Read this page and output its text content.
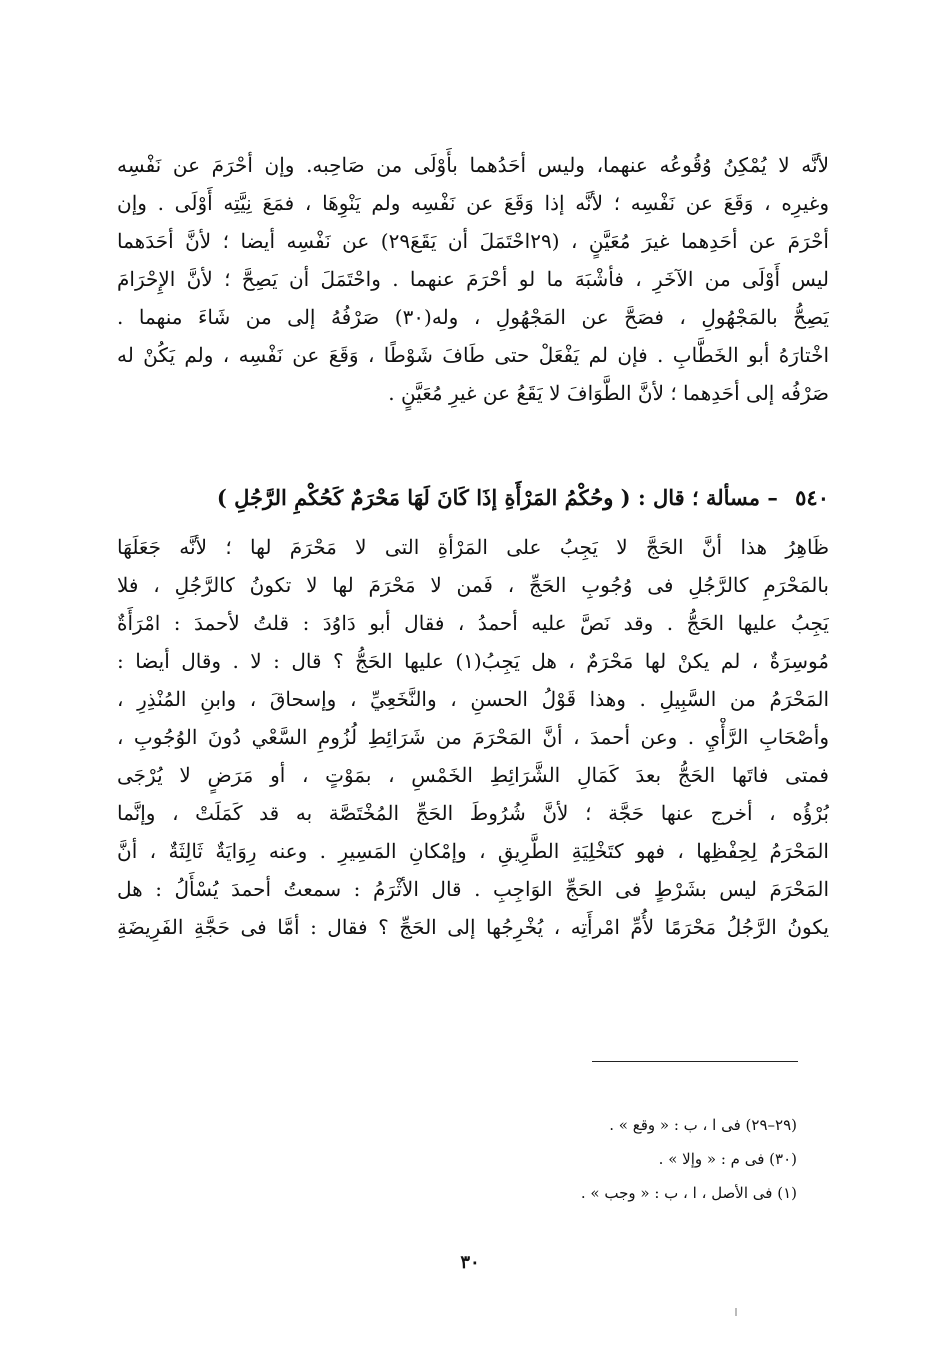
لأنَّه لا يُمْكِنُ وُقُوعُه عنهما، وليس أحَدُهما بأَوْلَى من صَاحِبه. وإن أحْرَمَ عن نَفْسِه
وغيرِه ، وَقَعَ عن نَفْسِه ؛ لأنَّه إذا وَقَعَ عن نَفْسِه ولم يَنْوِهَا ، فمَعَ نِيَّتِه أَوْلَى . وإن
أحْرَمَ عن أحَدِهما غيرَ مُعَيَّنٍ ، (٢٩احْتَمَلَ أن يَقَعَ٢٩) عن نَفْسِه أيضا ؛ لأنَّ أحَدَهما
ليس أَوْلَى من الآخَرِ ، فأشْبَهَ ما لو أحْرَمَ عنهما . واحْتَمَلَ أن يَصِحَّ ؛ لأنَّ الإِحْرَامَ
يَصِحُّ بالمَجْهُولِ ، فصَحَّ عن المَجْهُولِ ، وله(٣٠) صَرْفُهُ إلى من شَاءَ منهما .
اخْتارَهُ أبو الخَطَّابِ . فإن لم يَفْعَلْ حتى طَافَ شَوْطًا ، وَقَعَ عن نَفْسِه ، ولم يَكُنْ له
صَرْفُه إلى أحَدِهما ؛ لأنَّ الطَّوَافَ لا يَقَعُ عن غيرِ مُعَيَّنٍ .
٥٤٠ – مسألة ؛ قال : ( وحُكْمُ المَرْأَةِ إذَا كَانَ لَهَا مَحْرَمٌ كَحُكْمِ الرَّجُلِ )
ظَاهِرُ هذا أنَّ الحَجَّ لا يَجِبُ على المَرْأةِ التى لا مَحْرَمَ لها ؛ لأنَّه جَعَلَهَا
بالمَحْرَمِ كالرَّجُلِ فى وُجُوبِ الحَجِّ ، فَمن لا مَحْرَمَ لها لا تكونُ كالرَّجُلِ ، فلا
يَجِبُ عليها الحَجُّ . وقد نَصَّ عليه أحمدُ ، فقال أبو دَاوُدَ : قلتُ لأحمدَ : امْرَأَةٌ
مُوسِرَةٌ ، لم يكنْ لها مَحْرَمٌ ، هل يَجِبُ(١) عليها الحَجُّ ؟ قال : لا . وقال أيضا :
المَحْرَمُ من السَّبِيلِ . وهذا قَوْلُ الحسنِ ، والنَّخَعِيِّ ، وإسحاقَ ، وابنِ المُنْذِرِ ،
وأصْحَابِ الرَّأْيِ . وعن أحمدَ ، أنَّ المَحْرَمَ من شَرَائِطِ لُزُومِ السَّعْي دُونَ الوُجُوبِ ،
فمتى فاتَها الحَجُّ بعدَ كَمَالِ الشَّرَائِطِ الخَمْسِ ، بمَوْتٍ ، أو مَرَضٍ لا يُرْجَى
بُرْؤُه ، أخرج عنها حَجَّة ؛ لأنَّ شُرُوطَ الحَجِّ المُخْتَصَّة به قد كَمَلَتْ ، وإنَّما
المَحْرَمُ لِحِفْظِها ، فهو كتَخْلِيَةِ الطَّرِيقِ ، وإمْكانِ المَسِيرِ . وعنه رِوَايَةٌ ثَالِثَةٌ ، أنَّ
المَحْرَمَ ليس بشَرْطٍ فى الحَجِّ الوَاجِبِ . قال الأثْرَمُ : سمعتُ أحمدَ يُسْأَلُ : هل
يكونُ الرَّجُلُ مَحْرَمًا لأُمِّ امْرأَتِه ، يُخْرِجُها إلى الحَجِّ ؟ فقال : أمَّا فى حَجَّةِ الفَرِيضَةِ
(٢٩–٢٩) فى ا ، ب : « وقع » .
(٣٠) فى م : « وإلا » .
(١) فى الأصل ، ا ، ب : « وجب » .
٣٠
